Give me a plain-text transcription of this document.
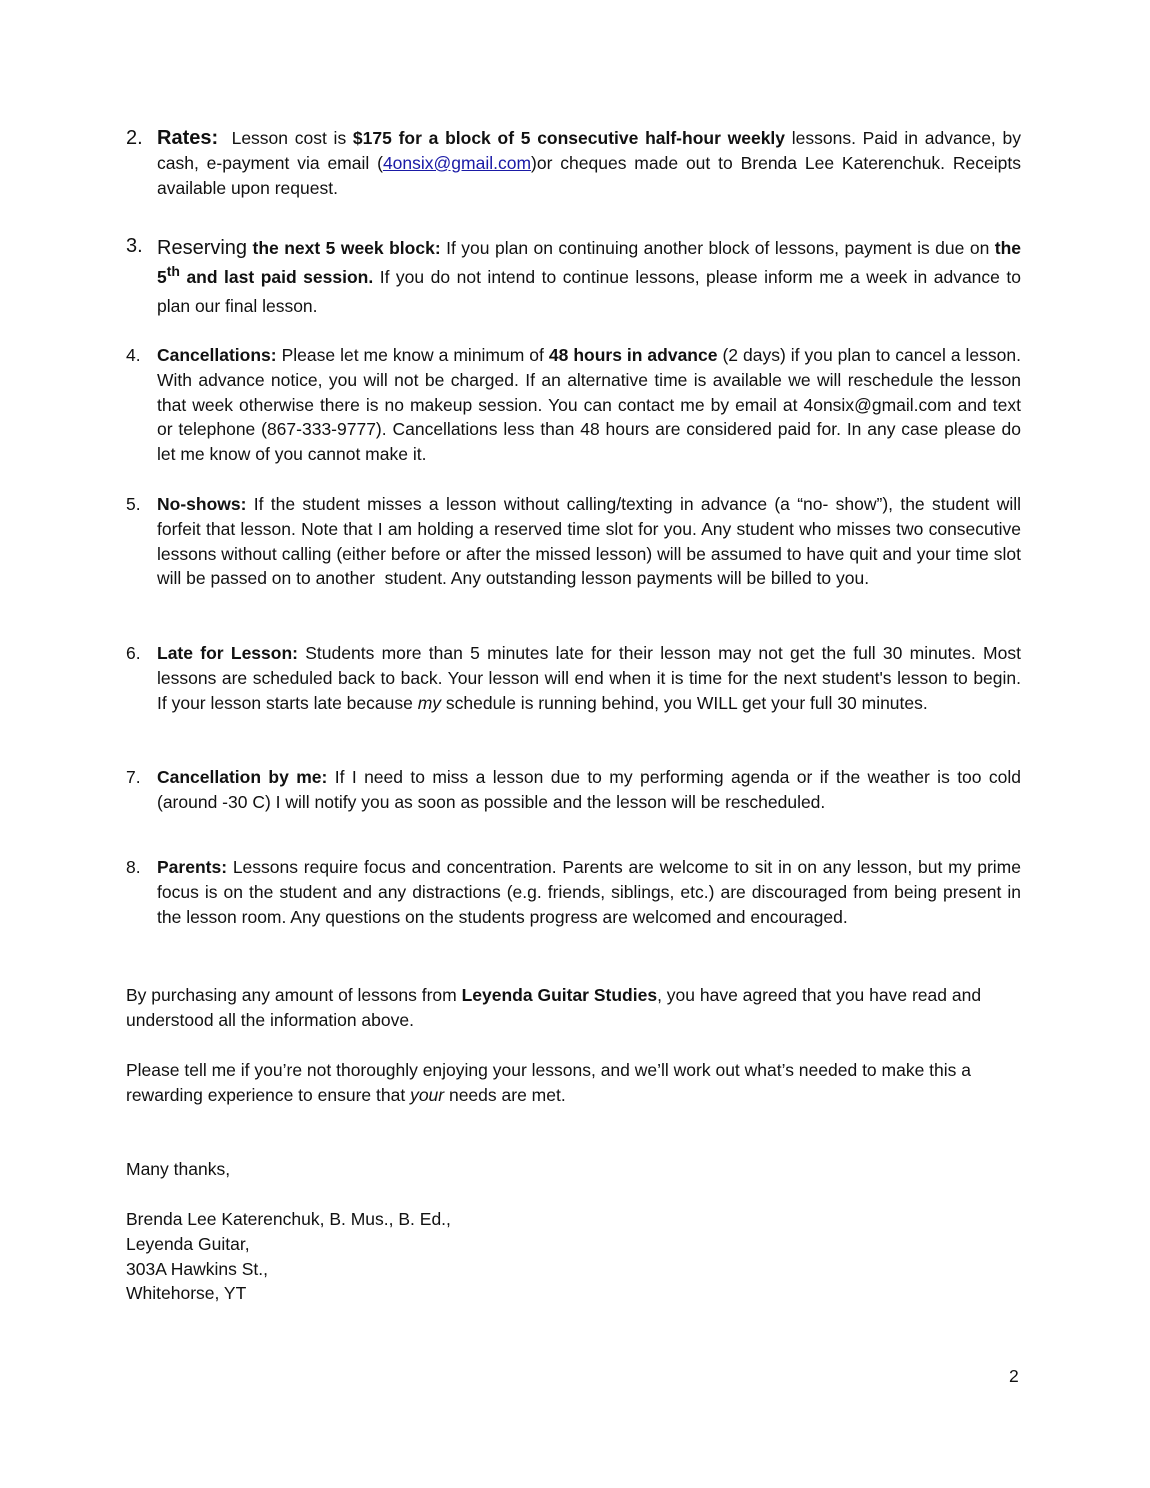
2. Rates:  Lesson cost is $175 for a block of 5 consecutive half-hour weekly lessons. Paid in advance, by cash, e-payment via email (4onsix@gmail.com)or cheques made out to Brenda Lee Katerenchuk. Receipts available upon request.
3. Reserving the next 5 week block: If you plan on continuing another block of lessons, payment is due on the 5th and last paid session. If you do not intend to continue lessons, please inform me a week in advance to plan our final lesson.
4. Cancellations: Please let me know a minimum of 48 hours in advance (2 days) if you plan to cancel a lesson. With advance notice, you will not be charged. If an alternative time is available we will reschedule the lesson that week otherwise there is no makeup session. You can contact me by email at 4onsix@gmail.com and text or telephone (867-333-9777). Cancellations less than 48 hours are considered paid for. In any case please do let me know of you cannot make it.
5. No-shows: If the student misses a lesson without calling/texting in advance (a “no- show”), the student will forfeit that lesson. Note that I am holding a reserved time slot for you. Any student who misses two consecutive lessons without calling (either before or after the missed lesson) will be assumed to have quit and your time slot will be passed on to another  student. Any outstanding lesson payments will be billed to you.
6. Late for Lesson: Students more than 5 minutes late for their lesson may not get the full 30 minutes. Most lessons are scheduled back to back. Your lesson will end when it is time for the next student's lesson to begin. If your lesson starts late because my schedule is running behind, you WILL get your full 30 minutes.
7. Cancellation by me: If I need to miss a lesson due to my performing agenda or if the weather is too cold (around -30 C) I will notify you as soon as possible and the lesson will be rescheduled.
8. Parents: Lessons require focus and concentration. Parents are welcome to sit in on any lesson, but my prime focus is on the student and any distractions (e.g. friends, siblings, etc.) are discouraged from being present in the lesson room. Any questions on the students progress are welcomed and encouraged.
By purchasing any amount of lessons from Leyenda Guitar Studies, you have agreed that you have read and understood all the information above.
Please tell me if you’re not thoroughly enjoying your lessons, and we’ll work out what’s needed to make this a rewarding experience to ensure that your needs are met.
Many thanks,
Brenda Lee Katerenchuk, B. Mus., B. Ed.,
Leyenda Guitar,
303A Hawkins St.,
Whitehorse, YT
2
